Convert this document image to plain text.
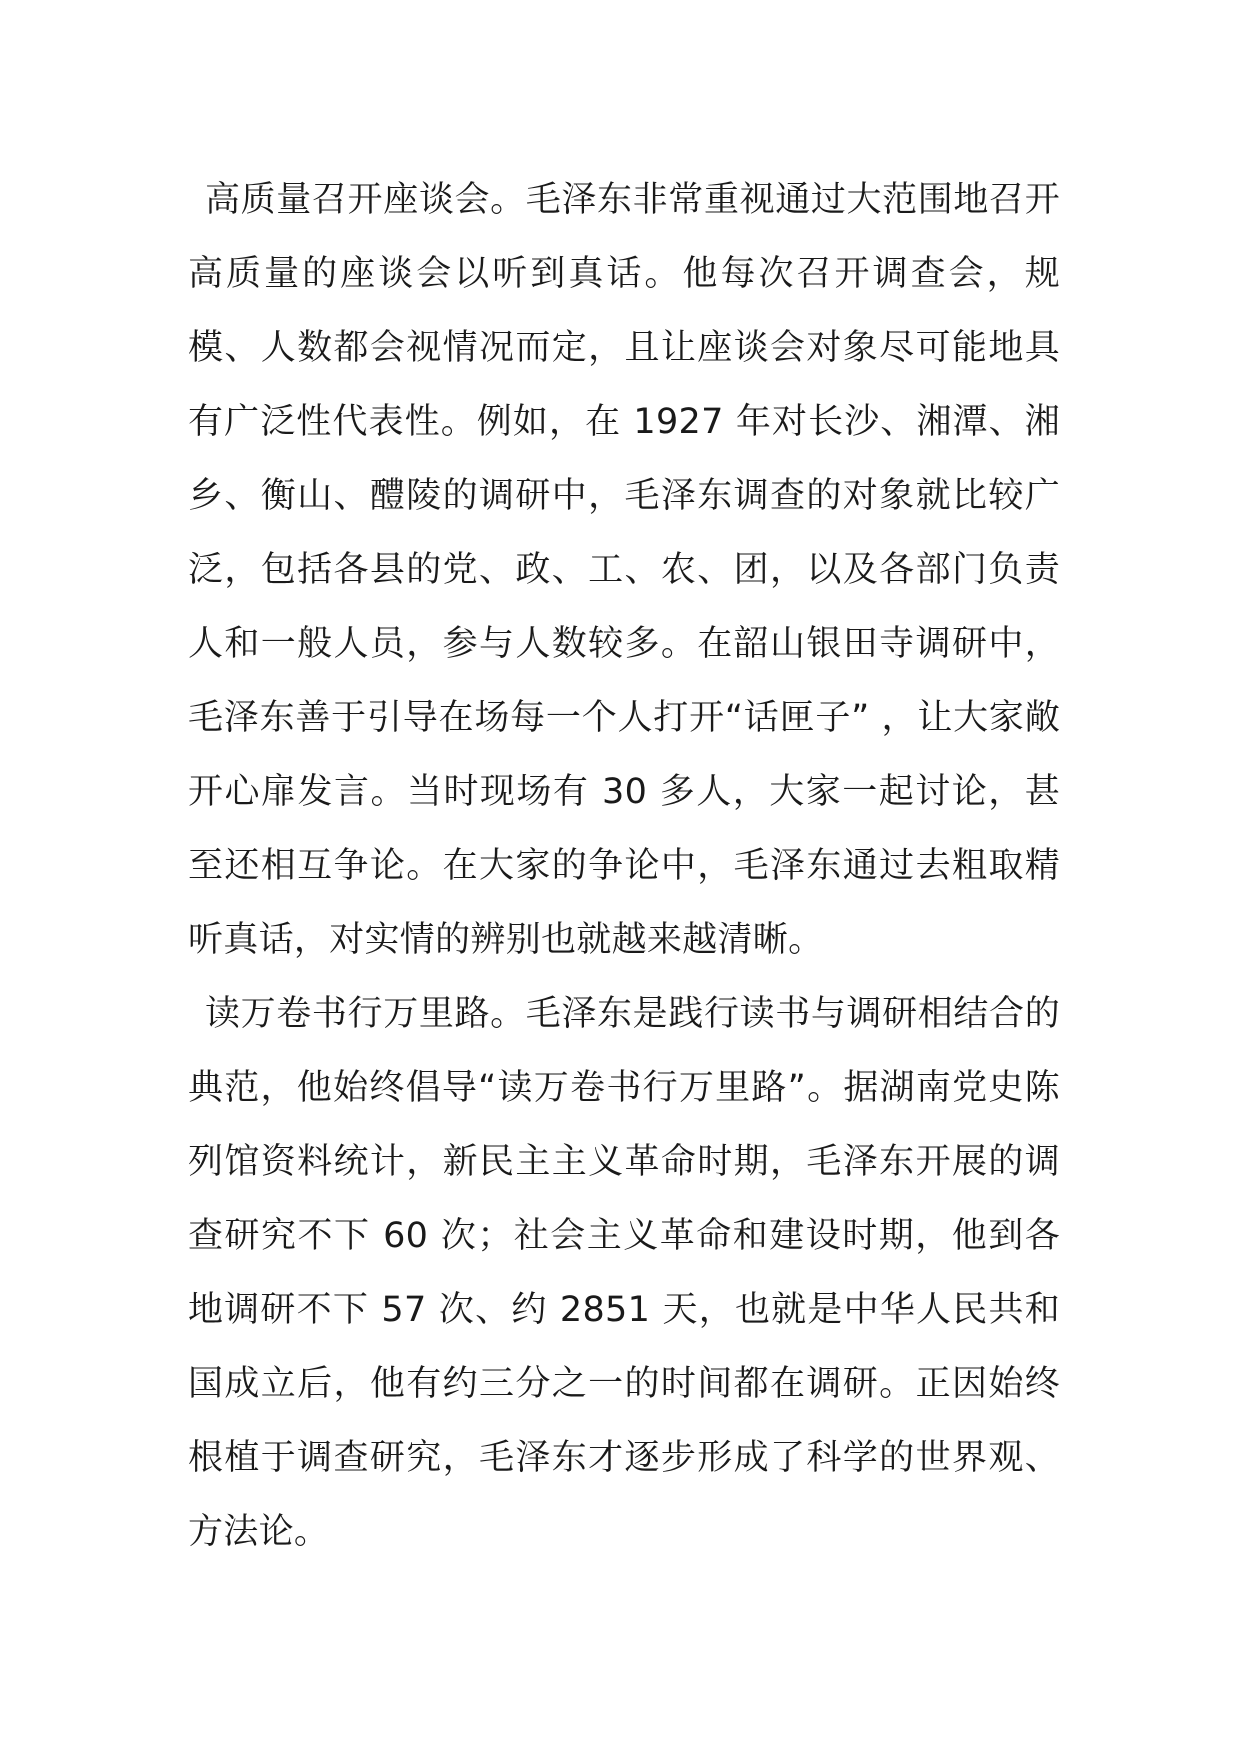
高质量召开座谈会。毛泽东非常重视通过大范围地召开高质量的座谈会以听到真话。他每次召开调查会，规模、人数都会视情况而定，且让座谈会对象尽可能地具有广泛性代表性。例如，在 1927 年对长沙、湘潭、湘乡、衡山、醴陵的调研中，毛泽东调查的对象就比较广泛，包括各县的党、政、工、农、团，以及各部门负责人和一般人员，参与人数较多。在韶山银田寺调研中，毛泽东善于引导在场每一个人打开“话匣子” ，让大家敞开心扉发言。当时现场有 30 多人，大家一起讨论，甚至还相互争论。在大家的争论中，毛泽东通过去粗取精听真话，对实情的辨别也就越来越清晰。

读万卷书行万里路。毛泽东是践行读书与调研相结合的典范，他始终倡导“读万卷书行万里路”。据湖南党史陈列馆资料统计，新民主主义革命时期，毛泽东开展的调查研究不下 60 次；社会主义革命和建设时期，他到各地调研不下 57 次、约 2851 天，也就是中华人民共和国成立后，他有约三分之一的时间都在调研。正因始终根植于调查研究，毛泽东才逐步形成了科学的世界观、方法论。
